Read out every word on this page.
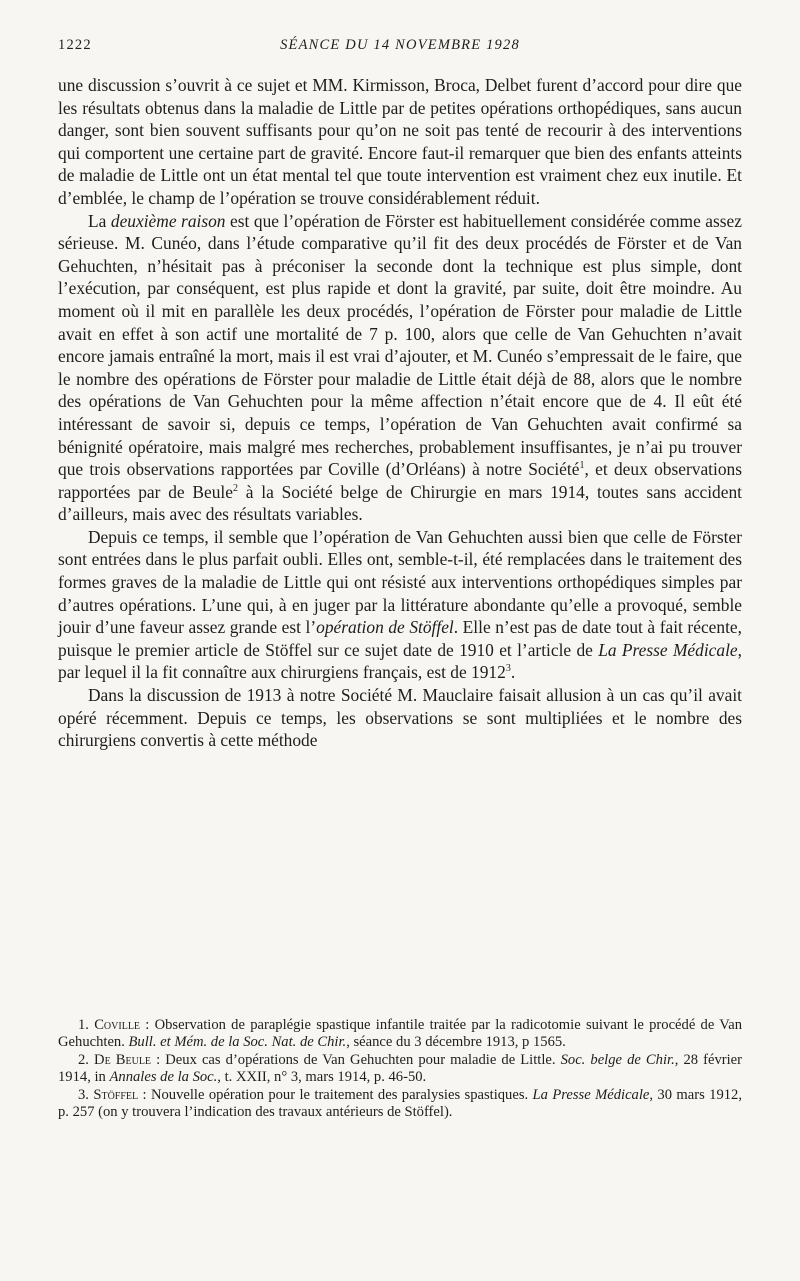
1222	SÉANCE DU 14 NOVEMBRE 1928

une discussion s’ouvrit à ce sujet et MM. Kirmisson, Broca, Delbet furent d’accord pour dire que les résultats obtenus dans la maladie de Little par de petites opérations orthopédiques, sans aucun danger, sont bien souvent suffisants pour qu’on ne soit pas tenté de recourir à des interventions qui comportent une certaine part de gravité. Encore faut-il remarquer que bien des enfants atteints de maladie de Little ont un état mental tel que toute intervention est vraiment chez eux inutile. Et d’emblée, le champ de l’opération se trouve considérablement réduit.

La deuxième raison est que l’opération de Förster est habituellement considérée comme assez sérieuse. M. Cunéo, dans l’étude comparative qu’il fit des deux procédés de Förster et de Van Gehuchten, n’hésitait pas à préconiser la seconde dont la technique est plus simple, dont l’exécution, par conséquent, est plus rapide et dont la gravité, par suite, doit être moindre. Au moment où il mit en parallèle les deux procédés, l’opération de Förster pour maladie de Little avait en effet à son actif une mortalité de 7 p. 100, alors que celle de Van Gehuchten n’avait encore jamais entraîné la mort, mais il est vrai d’ajouter, et M. Cunéo s’empressait de le faire, que le nombre des opérations de Förster pour maladie de Little était déjà de 88, alors que le nombre des opérations de Van Gehuchten pour la même affection n’était encore que de 4. Il eût été intéressant de savoir si, depuis ce temps, l’opération de Van Gehuchten avait confirmé sa bénignité opératoire, mais malgré mes recherches, probablement insuffisantes, je n’ai pu trouver que trois observations rapportées par Coville (d’Orléans) à notre Société$^1$, et deux observations rapportées par de Beule$^2$ à la Société belge de Chirurgie en mars 1914, toutes sans accident d’ailleurs, mais avec des résultats variables.

Depuis ce temps, il semble que l’opération de Van Gehuchten aussi bien que celle de Förster sont entrées dans le plus parfait oubli. Elles ont, semble-t-il, été remplacées dans le traitement des formes graves de la maladie de Little qui ont résisté aux interventions orthopédiques simples par d’autres opérations. L’une qui, à en juger par la littérature abondante qu’elle a provoqué, semble jouir d’une faveur assez grande est l’opération de Stöffel. Elle n’est pas de date tout à fait récente, puisque le premier article de Stöffel sur ce sujet date de 1910 et l’article de La Presse Médicale, par lequel il la fit connaître aux chirurgiens français, est de 1912$^3$.

Dans la discussion de 1913 à notre Société M. Mauclaire faisait allusion à un cas qu’il avait opéré récemment. Depuis ce temps, les observations se sont multipliées et le nombre des chirurgiens convertis à cette méthode

1. Coville : Observation de paraplégie spastique infantile traitée par la radicotomie suivant le procédé de Van Gehuchten. Bull. et Mém. de la Soc. Nat. de Chir., séance du 3 décembre 1913, p 1565.

2. De Beule : Deux cas d’opérations de Van Gehuchten pour maladie de Little. Soc. belge de Chir., 28 février 1914, in Annales de la Soc., t. XXII, n° 3, mars 1914, p. 46-50.

3. Stöffel : Nouvelle opération pour le traitement des paralysies spastiques. La Presse Médicale, 30 mars 1912, p. 257 (on y trouvera l’indication des travaux antérieurs de Stöffel).
